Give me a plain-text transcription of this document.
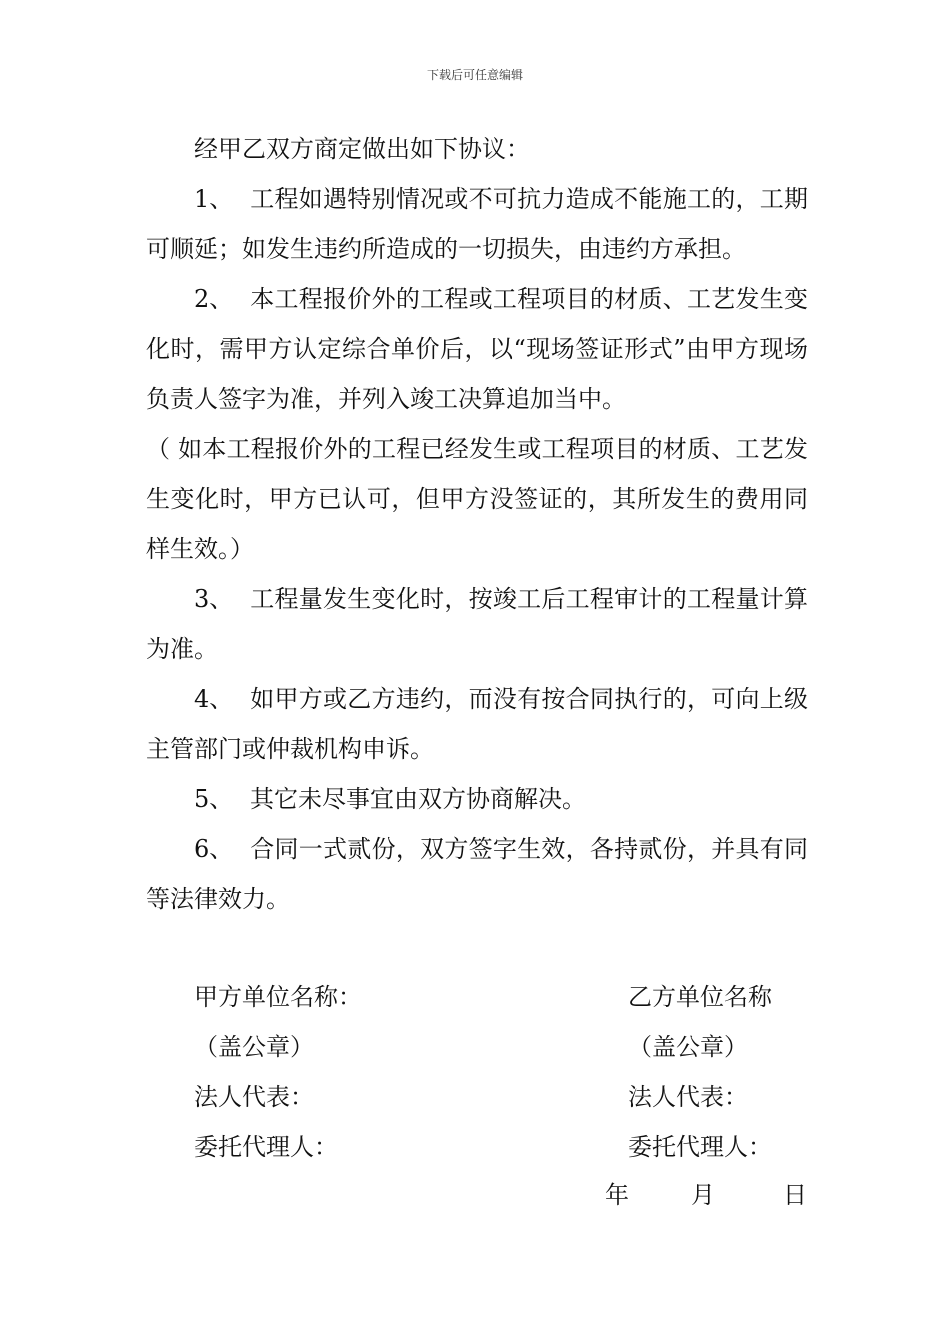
下载后可任意编辑

经甲乙双方商定做出如下协议：

1、 工程如遇特别情况或不可抗力造成不能施工的，工期可顺延；如发生违约所造成的一切损失，由违约方承担。

2、 本工程报价外的工程或工程项目的材质、工艺发生变化时，需甲方认定综合单价后，以“现场签证形式”由甲方现场负责人签字为准，并列入竣工决算追加当中。

（ 如本工程报价外的工程已经发生或工程项目的材质、工艺发生变化时，甲方已认可，但甲方没签证的，其所发生的费用同样生效。）

3、 工程量发生变化时，按竣工后工程审计的工程量计算为准。

4、 如甲方或乙方违约，而没有按合同执行的，可向上级主管部门或仲裁机构申诉。

5、 其它未尽事宜由双方协商解决。

6、 合同一式贰份，双方签字生效，各持贰份，并具有同等法律效力。

甲方单位名称：	乙方单位名称
（盖公章）	（盖公章）
法人代表：	法人代表：
委托代理人：	委托代理人：
年	月	日
